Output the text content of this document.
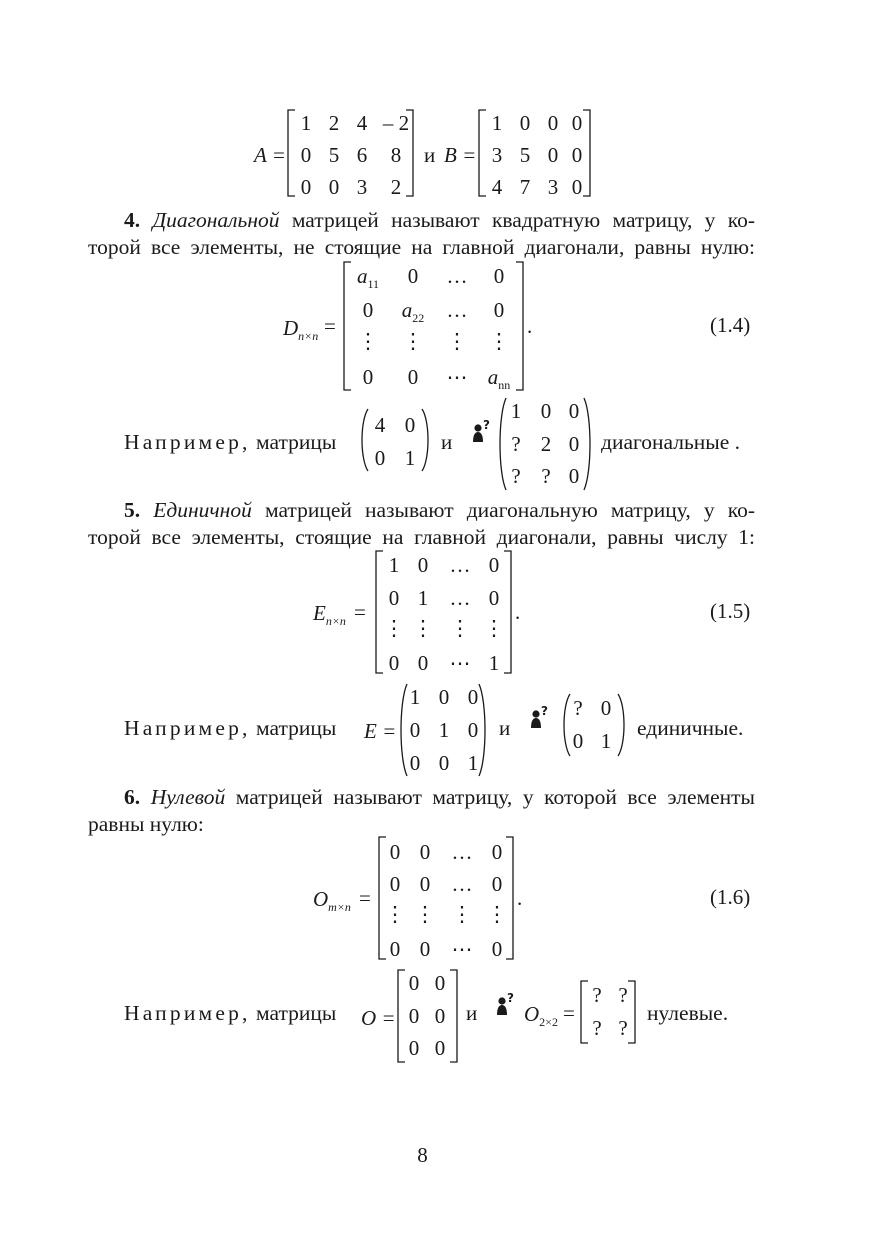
A =
1 2 4 – 2
0 5 6	8
0 0 3	2
и B =
1 0 0 0
3 5 0 0
4 7 3 0
4. Диагональной матрицей называют квадратную матрицу, у ко-
торой все элементы, не стоящие на главной диагонали, равны нулю:
$D_{n\times n}$ =
$a_{11}$	0	…	0
0	$a_{22}$	…	0
⋮ ⋮ ⋮ ⋮
0	0	⋯ $a_{nn}$
.	(1.4)
Например, матрицы
4 0
0 1
и
?
1 0 0
? 2 0
? ? 0
диагональные .
5. Единичной матрицей называют диагональную матрицу, у ко-
торой все элементы, стоящие на главной диагонали, равны числу 1:
$E_{n\times n}$ =
1 0	… 0
0 1	… 0
⋮ ⋮ ⋮ ⋮
0 0	⋯ 1
.	(1.5)
Например, матрицы E =
1 0 0
0 1 0
0 0 1
и
?	? 0
0 1
единичные.
6. Нулевой матрицей называют матрицу, у которой все элементы
равны нулю:
$O_{m\times n}$ =
0 0	… 0
0 0	… 0
⋮ ⋮ ⋮ ⋮
0 0	⋯ 0
.	(1.6)
Например, матрицы O =
0 0
0 0
0 0
и
?
$O_{2\times 2}$ =
? ?
? ?
нулевые.
8
